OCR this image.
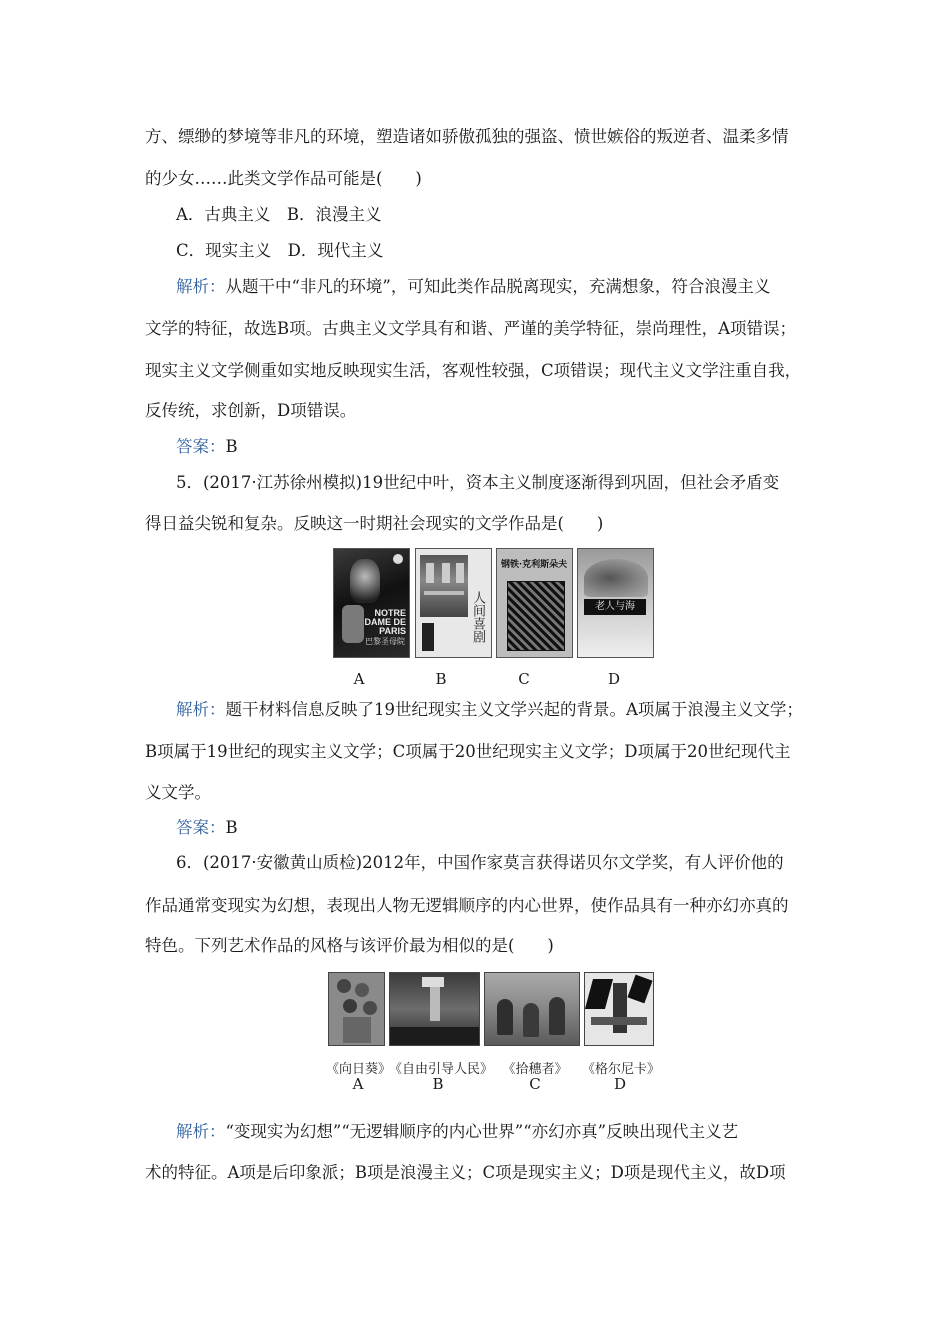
方、缥缈的梦境等非凡的环境，塑造诸如骄傲孤独的强盗、愤世嫉俗的叛逆者、温柔多情
的少女……此类文学作品可能是(　　)
A．古典主义　B．浪漫主义
C．现实主义　D．现代主义
解析：从题干中“非凡的环境”，可知此类作品脱离现实，充满想象，符合浪漫主义
文学的特征，故选B项。古典主义文学具有和谐、严谨的美学特征，崇尚理性，A项错误；
现实主义文学侧重如实地反映现实生活，客观性较强，C项错误；现代主义文学注重自我，
反传统，求创新，D项错误。
答案：B
5．(2017·江苏徐州模拟)19世纪中叶，资本主义制度逐渐得到巩固，但社会矛盾变
得日益尖锐和复杂。反映这一时期社会现实的文学作品是(　　)
NOTRE
DAME DE
PARIS
巴黎圣母院	人间喜剧
钢铁·克利斯朵夫
老人与海
A	B	C	D
解析：题干材料信息反映了19世纪现实主义文学兴起的背景。A项属于浪漫主义文学；
B项属于19世纪的现实主义文学；C项属于20世纪现实主义文学；D项属于20世纪现代主
义文学。
答案：B
6．(2017·安徽黄山质检)2012年，中国作家莫言获得诺贝尔文学奖，有人评价他的
作品通常变现实为幻想，表现出人物无逻辑顺序的内心世界，使作品具有一种亦幻亦真的
特色。下列艺术作品的风格与该评价最为相似的是(　　)
《向日葵》
《自由引导人民》 《拾穗者》	《格尔尼卡》
A	B	C	D
解析：“变现实为幻想”“无逻辑顺序的内心世界”“亦幻亦真”反映出现代主义艺
术的特征。A项是后印象派；B项是浪漫主义；C项是现实主义；D项是现代主义，故D项
